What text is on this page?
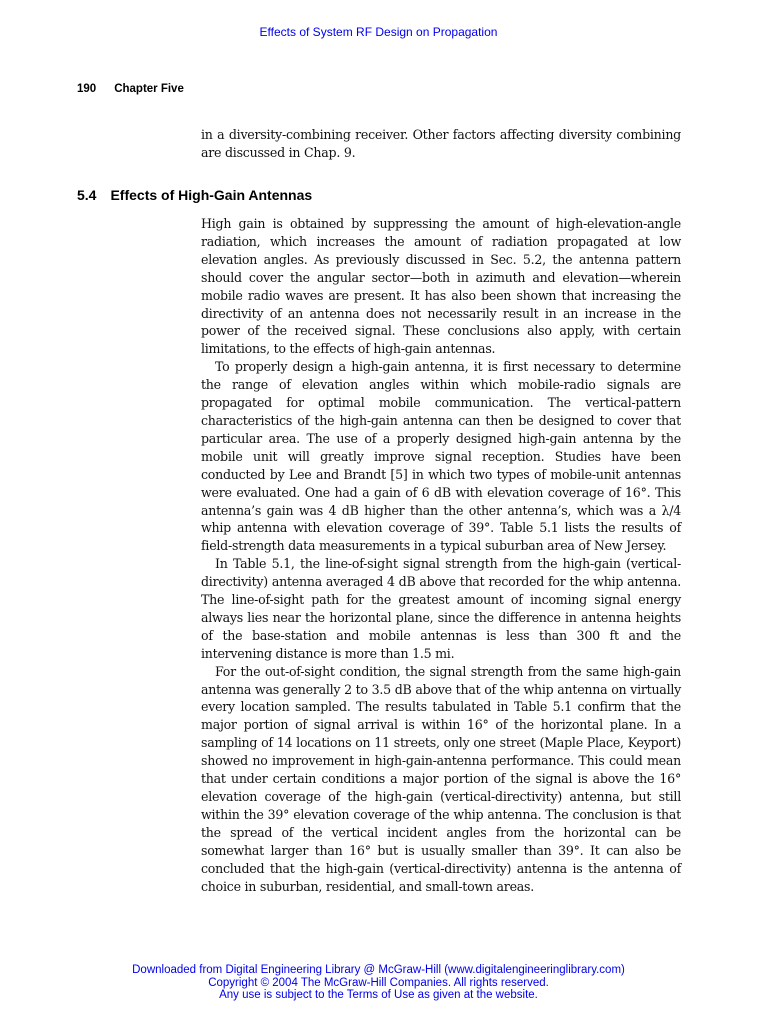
Effects of System RF Design on Propagation
190 Chapter Five

in a diversity-combining receiver. Other factors affecting diversity combining are discussed in Chap. 9.

5.4 Effects of High-Gain Antennas

High gain is obtained by suppressing the amount of high-elevation-angle radiation, which increases the amount of radiation propagated at low elevation angles. As previously discussed in Sec. 5.2, the antenna pattern should cover the angular sector—both in azimuth and elevation—wherein mobile radio waves are present. It has also been shown that increasing the directivity of an antenna does not necessarily result in an increase in the power of the received signal. These conclusions also apply, with certain limitations, to the effects of high-gain antennas.

To properly design a high-gain antenna, it is first necessary to determine the range of elevation angles within which mobile-radio signals are propagated for optimal mobile communication. The vertical-pattern characteristics of the high-gain antenna can then be designed to cover that particular area. The use of a properly designed high-gain antenna by the mobile unit will greatly improve signal reception. Studies have been conducted by Lee and Brandt [5] in which two types of mobile-unit antennas were evaluated. One had a gain of 6 dB with elevation coverage of 16°. This antenna’s gain was 4 dB higher than the other antenna’s, which was a λ/4 whip antenna with elevation coverage of 39°. Table 5.1 lists the results of field-strength data measurements in a typical suburban area of New Jersey.

In Table 5.1, the line-of-sight signal strength from the high-gain (vertical-directivity) antenna averaged 4 dB above that recorded for the whip antenna. The line-of-sight path for the greatest amount of incoming signal energy always lies near the horizontal plane, since the difference in antenna heights of the base-station and mobile antennas is less than 300 ft and the intervening distance is more than 1.5 mi.

For the out-of-sight condition, the signal strength from the same high-gain antenna was generally 2 to 3.5 dB above that of the whip antenna on virtually every location sampled. The results tabulated in Table 5.1 confirm that the major portion of signal arrival is within 16° of the horizontal plane. In a sampling of 14 locations on 11 streets, only one street (Maple Place, Keyport) showed no improvement in high-gain-antenna performance. This could mean that under certain conditions a major portion of the signal is above the 16° elevation coverage of the high-gain (vertical-directivity) antenna, but still within the 39° elevation coverage of the whip antenna. The conclusion is that the spread of the vertical incident angles from the horizontal can be somewhat larger than 16° but is usually smaller than 39°. It can also be concluded that the high-gain (vertical-directivity) antenna is the antenna of choice in suburban, residential, and small-town areas.

Downloaded from Digital Engineering Library @ McGraw-Hill (www.digitalengineeringlibrary.com)
Copyright © 2004 The McGraw-Hill Companies. All rights reserved.
Any use is subject to the Terms of Use as given at the website.
